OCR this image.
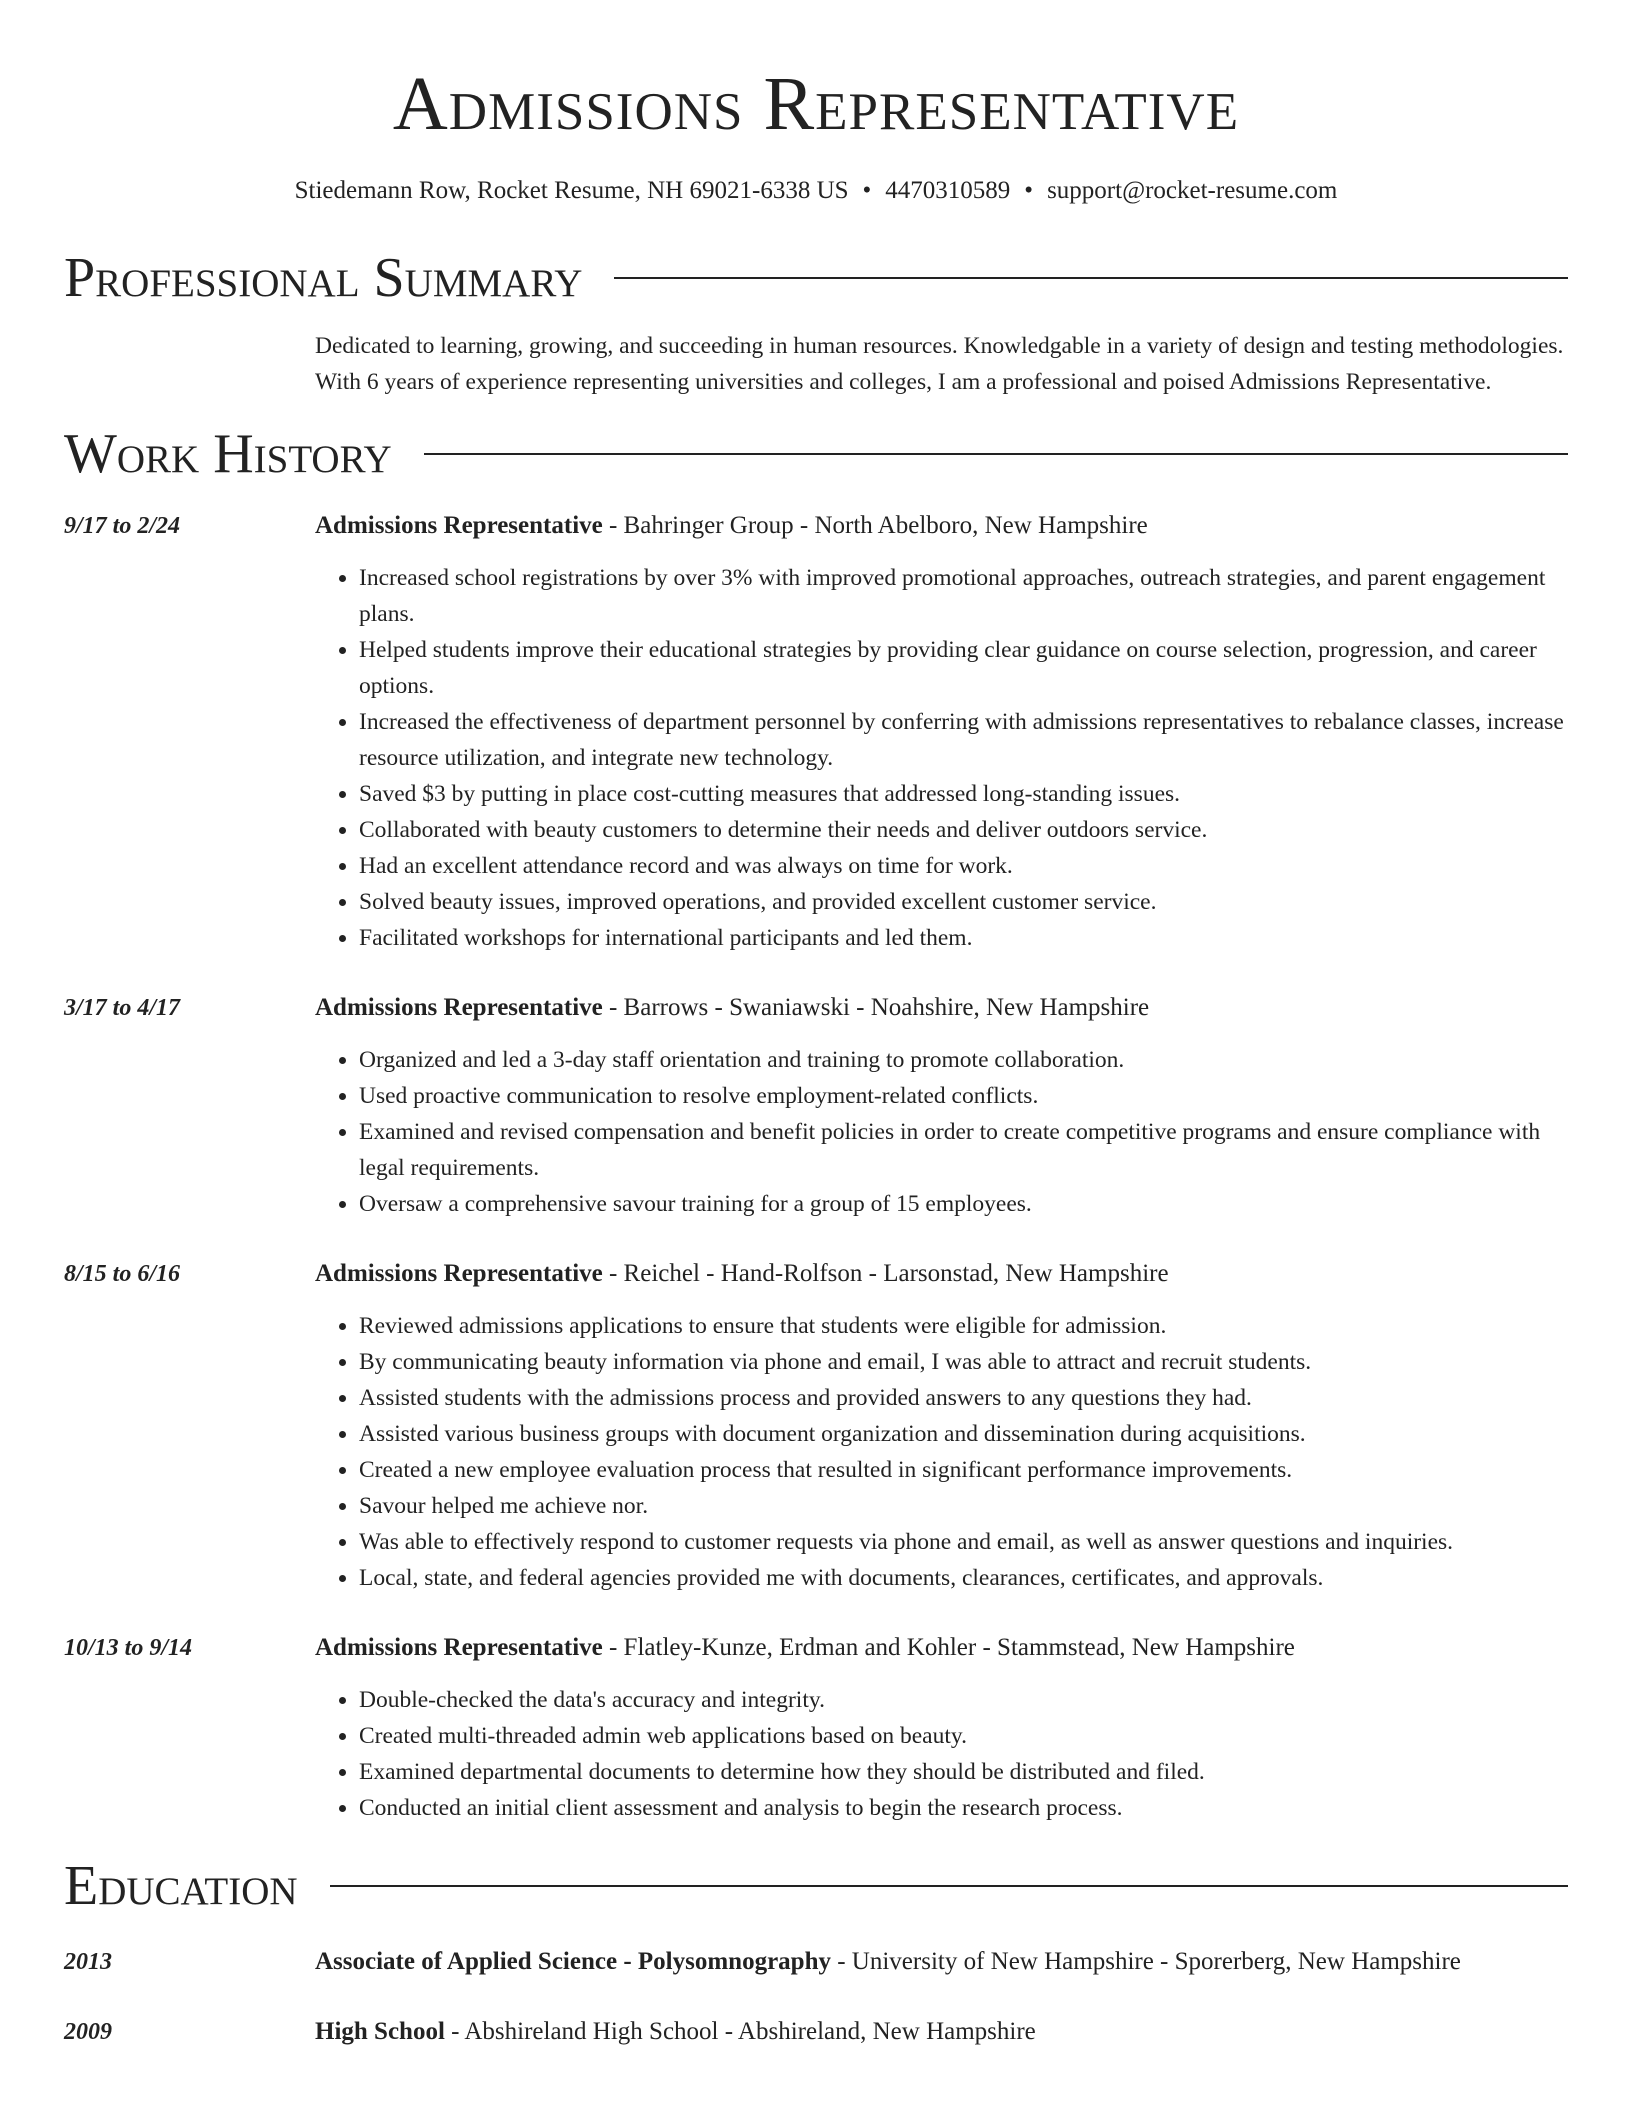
Admissions Representative
Stiedemann Row, Rocket Resume, NH 69021-6338 US • 4470310589 • support@rocket-resume.com
Professional Summary
Dedicated to learning, growing, and succeeding in human resources. Knowledgable in a variety of design and testing methodologies. With 6 years of experience representing universities and colleges, I am a professional and poised Admissions Representative.
Work History
9/17 to 2/24	Admissions Representative - Bahringer Group - North Abelboro, New Hampshire
• Increased school registrations by over 3% with improved promotional approaches, outreach strategies, and parent engagement plans.
• Helped students improve their educational strategies by providing clear guidance on course selection, progression, and career options.
• Increased the effectiveness of department personnel by conferring with admissions representatives to rebalance classes, increase resource utilization, and integrate new technology.
• Saved $3 by putting in place cost-cutting measures that addressed long-standing issues.
• Collaborated with beauty customers to determine their needs and deliver outdoors service.
• Had an excellent attendance record and was always on time for work.
• Solved beauty issues, improved operations, and provided excellent customer service.
• Facilitated workshops for international participants and led them.
3/17 to 4/17	Admissions Representative - Barrows - Swaniawski - Noahshire, New Hampshire
• Organized and led a 3-day staff orientation and training to promote collaboration.
• Used proactive communication to resolve employment-related conflicts.
• Examined and revised compensation and benefit policies in order to create competitive programs and ensure compliance with legal requirements.
• Oversaw a comprehensive savour training for a group of 15 employees.
8/15 to 6/16	Admissions Representative - Reichel - Hand-Rolfson - Larsonstad, New Hampshire
• Reviewed admissions applications to ensure that students were eligible for admission.
• By communicating beauty information via phone and email, I was able to attract and recruit students.
• Assisted students with the admissions process and provided answers to any questions they had.
• Assisted various business groups with document organization and dissemination during acquisitions.
• Created a new employee evaluation process that resulted in significant performance improvements.
• Savour helped me achieve nor.
• Was able to effectively respond to customer requests via phone and email, as well as answer questions and inquiries.
• Local, state, and federal agencies provided me with documents, clearances, certificates, and approvals.
10/13 to 9/14	Admissions Representative - Flatley-Kunze, Erdman and Kohler - Stammstead, New Hampshire
• Double-checked the data's accuracy and integrity.
• Created multi-threaded admin web applications based on beauty.
• Examined departmental documents to determine how they should be distributed and filed.
• Conducted an initial client assessment and analysis to begin the research process.
Education
2013	Associate of Applied Science - Polysomnography - University of New Hampshire - Sporerberg, New Hampshire
2009	High School - Abshireland High School - Abshireland, New Hampshire
